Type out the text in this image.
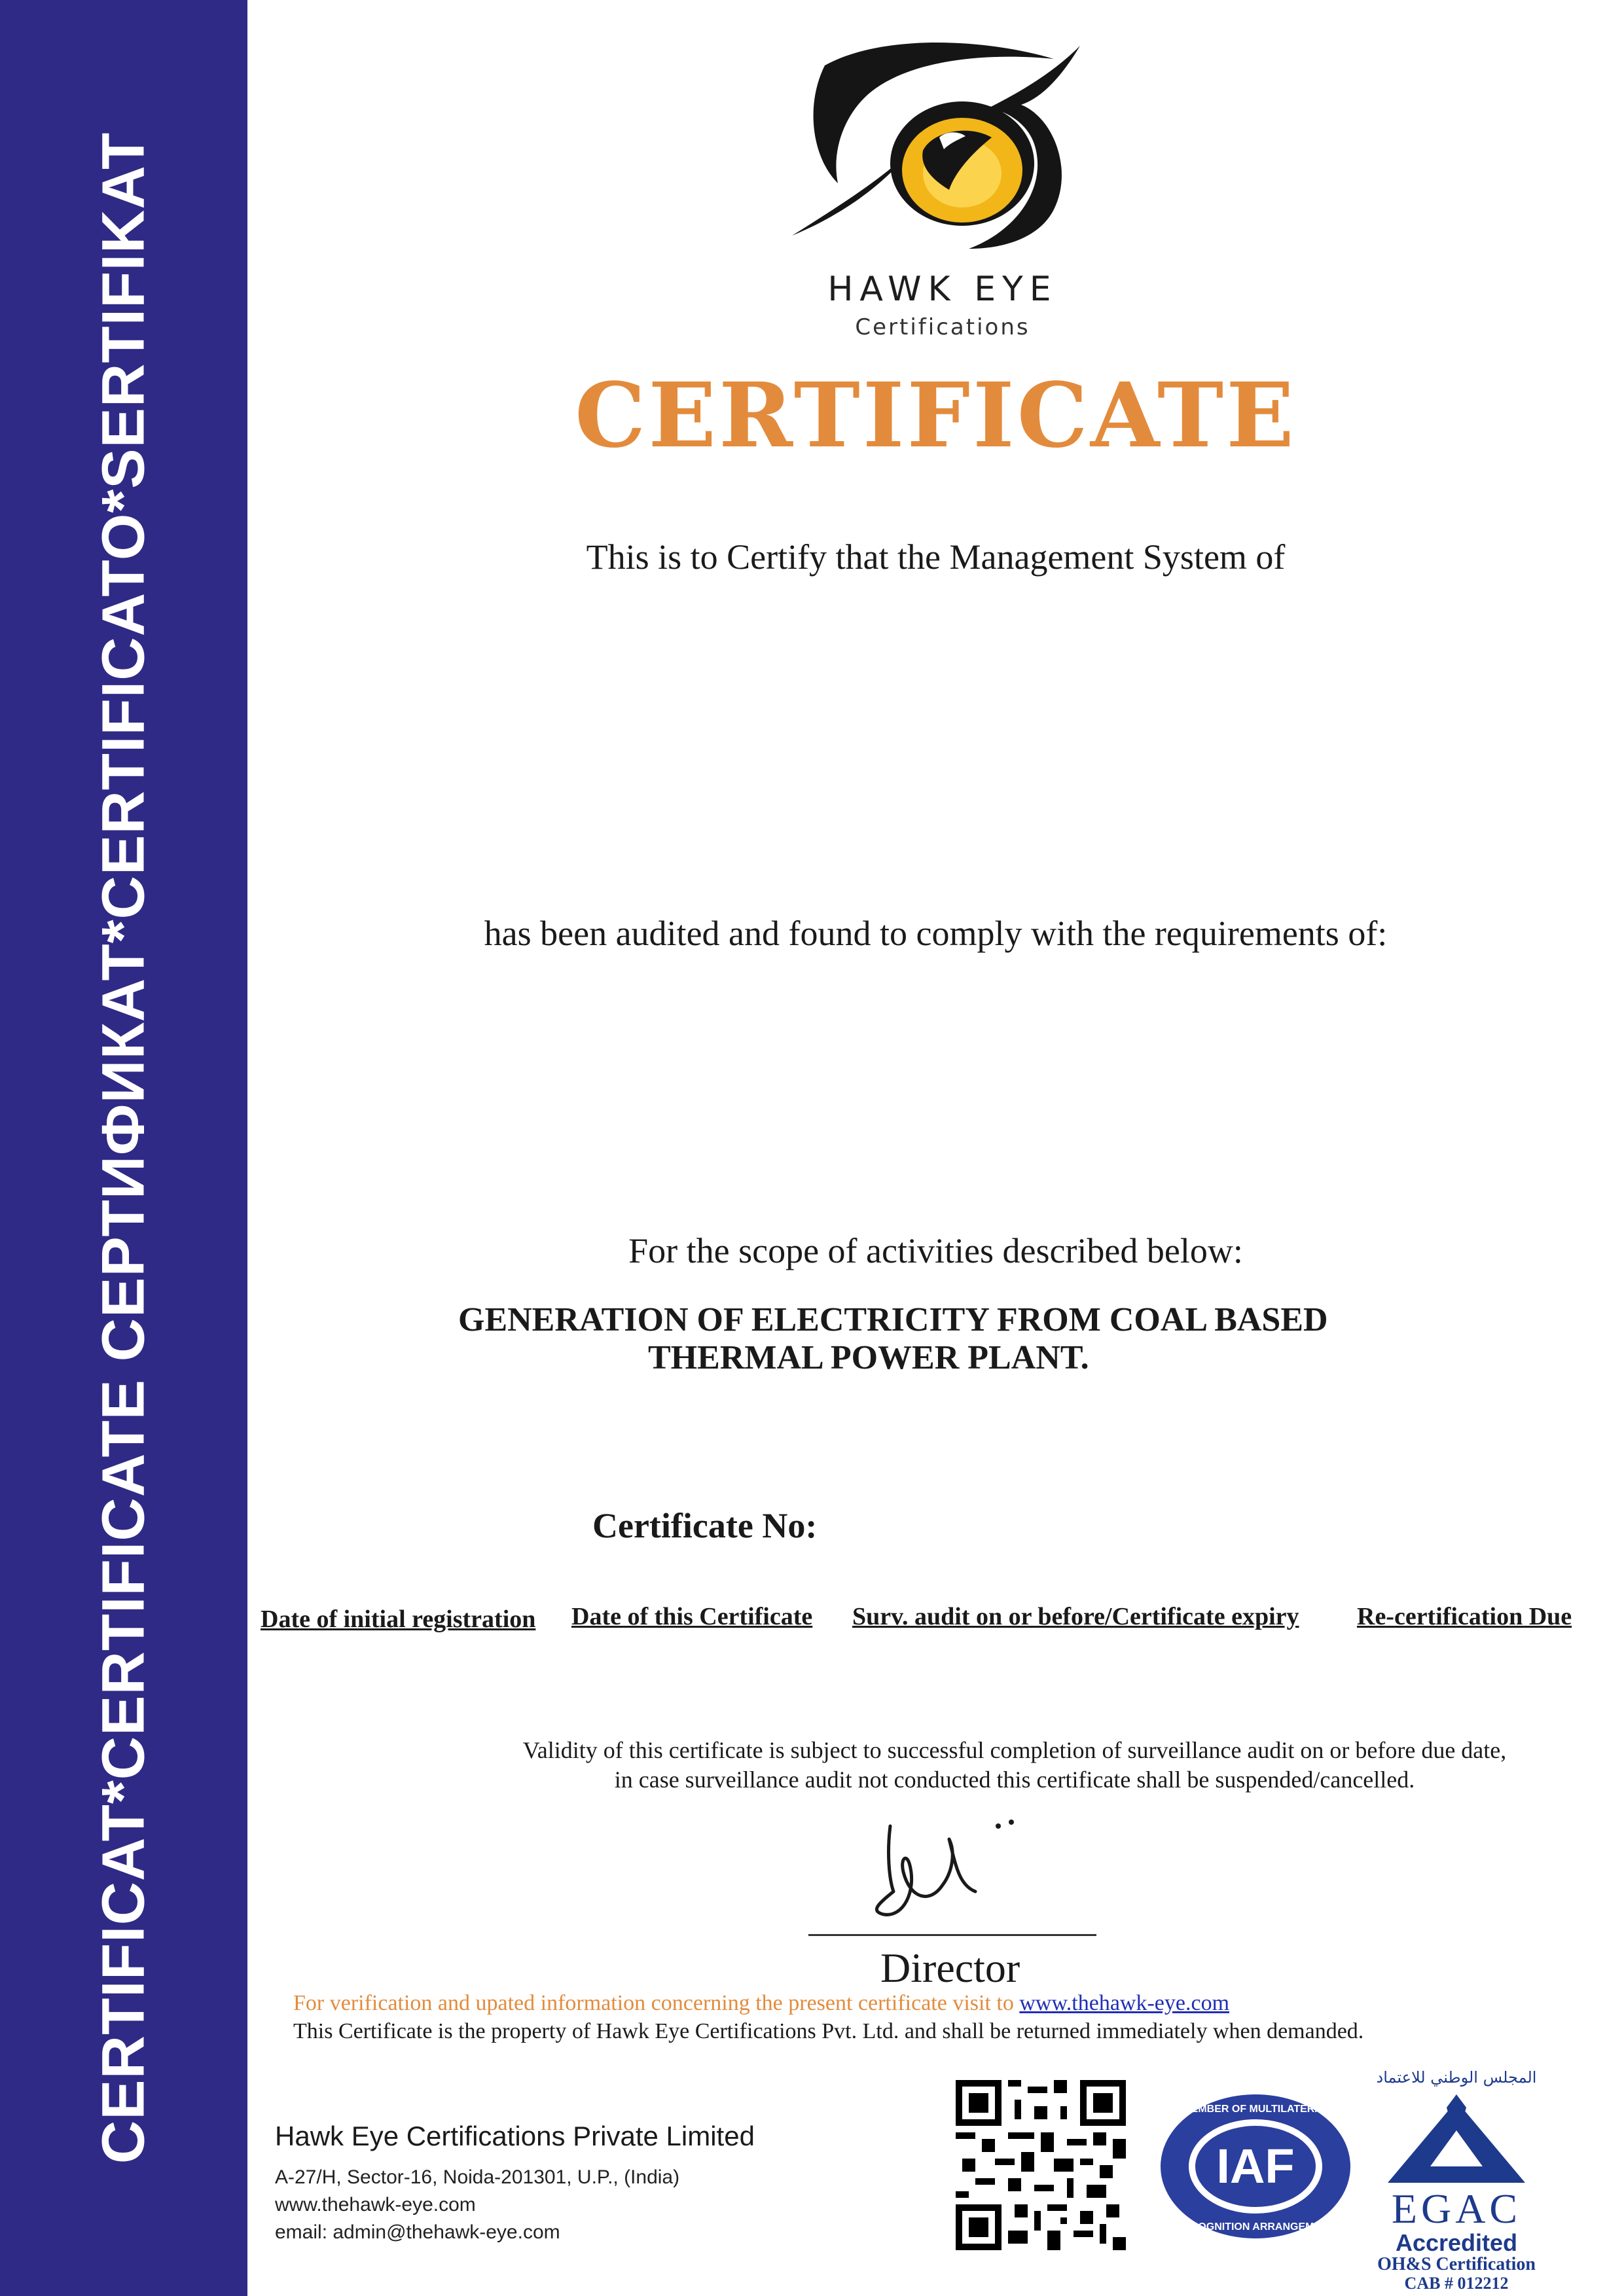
CERTIFICAT*CERTIFICATE СЕРТИФИКАТ*CERTIFICATO*SERTIFIKAT	HAWK EYE
Certifications
CERTIFICATE
This is to Certify that the Management System of
has been audited and found to comply with the requirements of:
For the scope of activities described below:
GENERATION OF ELECTRICITY FROM COAL BASED
THERMAL POWER PLANT.
Certificate No:
Date of initial registration Date of this Certificate Surv. audit on or before/Certificate expiry Re-certification Due
Validity of this certificate is subject to successful completion of surveillance audit on or before due date,
in case surveillance audit not conducted this certificate shall be suspended/cancelled.
Director
For verification and upated information concerning the present certificate visit to www.thehawk-eye.com
This Certificate is the property of Hawk Eye Certifications Pvt. Ltd. and shall be returned immediately when demanded.
Hawk Eye Certifications Private Limited
A-27/H, Sector-16, Noida-201301, U.P., (India)
www.thehawk-eye.com
email: admin@thehawk-eye.com
IAF
MEMBER OF MULTILATERAL
RECOGNITION ARRANGEMENT
المجلس الوطني للاعتماد
EGAC
Accredited
OH&S Certification
CAB # 012212
